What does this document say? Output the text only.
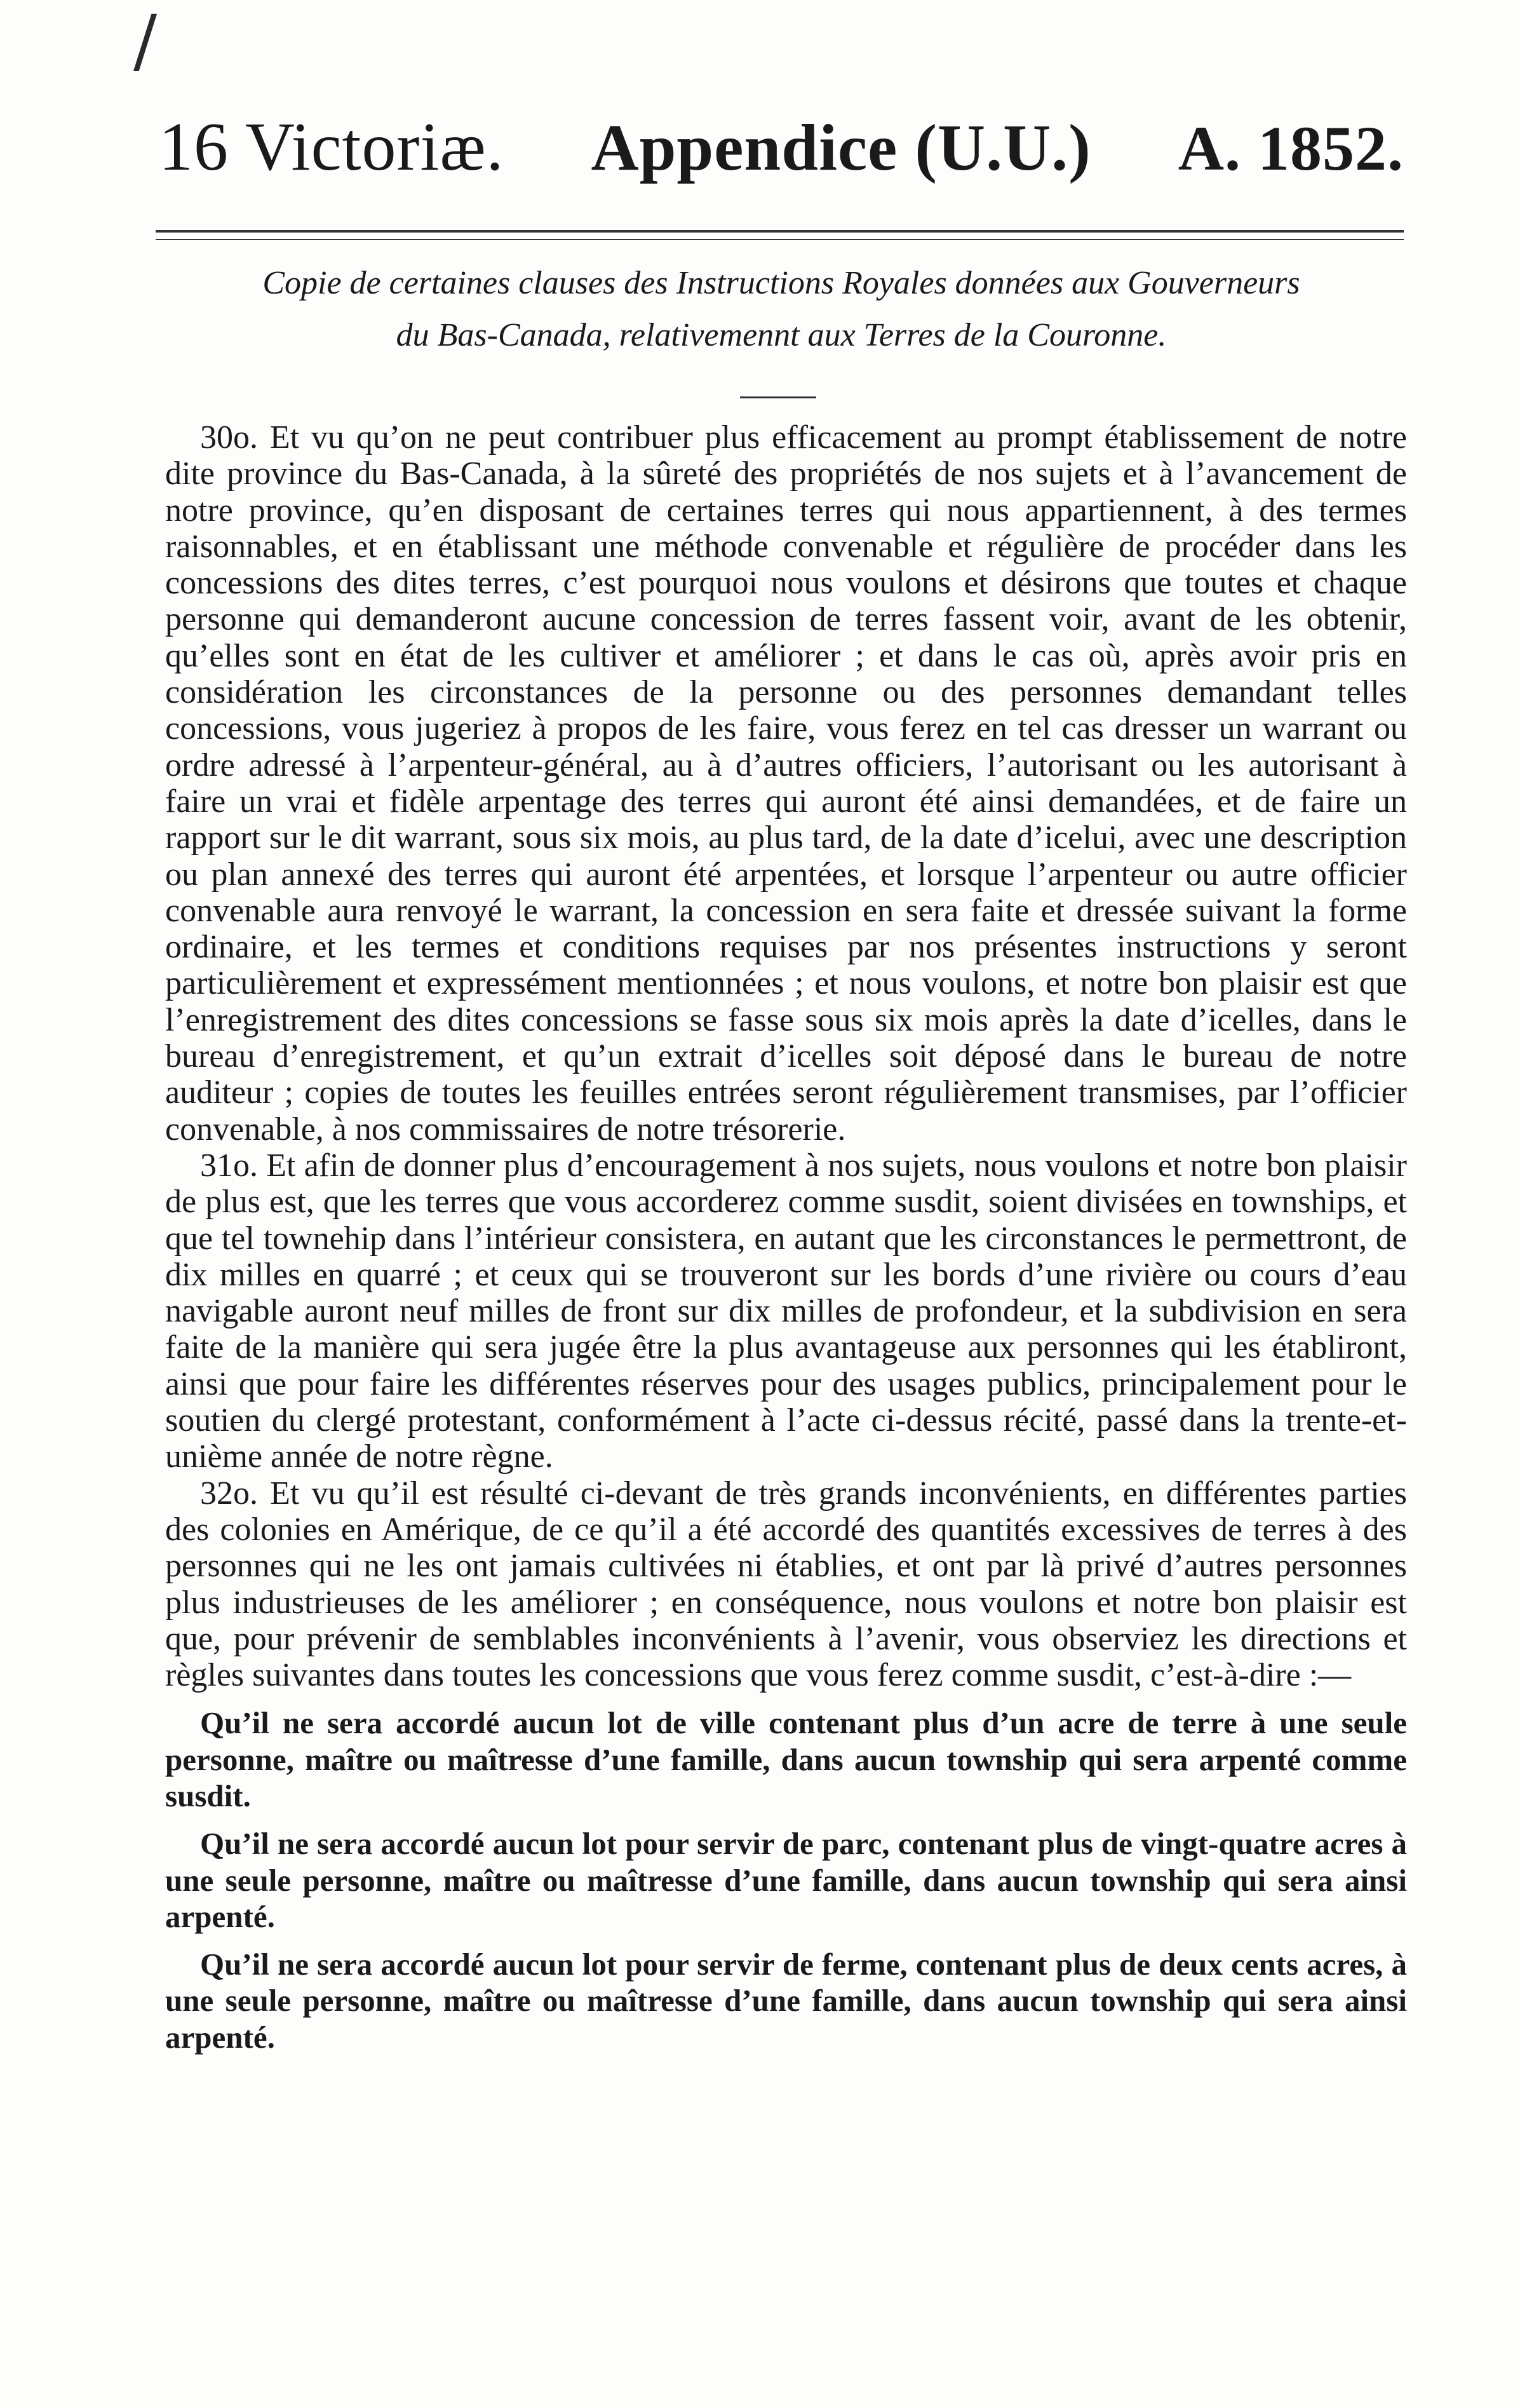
/
16 Victoriæ. Appendice (U.U.) A. 1852.
Copie de certaines clauses des Instructions Royales données aux Gouverneurs
du Bas-Canada, relativemennt aux Terres de la Couronne.

30o. Et vu qu’on ne peut contribuer plus efficacement au prompt établissement de notre dite province du Bas-Canada, à la sûreté des propriétés de nos sujets et à l’avancement de notre province, qu’en disposant de certaines terres qui nous appartiennent, à des termes raisonnables, et en établissant une méthode convenable et régulière de procéder dans les concessions des dites terres, c’est pourquoi nous voulons et désirons que toutes et chaque personne qui demanderont aucune concession de terres fassent voir, avant de les obtenir, qu’elles sont en état de les cultiver et améliorer ; et dans le cas où, après avoir pris en considération les circonstances de la personne ou des personnes demandant telles concessions, vous jugeriez à propos de les faire, vous ferez en tel cas dresser un warrant ou ordre adressé à l’arpenteur-général, au à d’autres officiers, l’autorisant ou les autorisant à faire un vrai et fidèle arpentage des terres qui auront été ainsi demandées, et de faire un rapport sur le dit warrant, sous six mois, au plus tard, de la date d’icelui, avec une description ou plan annexé des terres qui auront été arpentées, et lorsque l’arpenteur ou autre officier convenable aura renvoyé le warrant, la concession en sera faite et dressée suivant la forme ordinaire, et les termes et conditions requises par nos présentes instructions y seront particulièrement et expressément mentionnées ; et nous voulons, et notre bon plaisir est que l’enregistrement des dites concessions se fasse sous six mois après la date d’icelles, dans le bureau d’enregistrement, et qu’un extrait d’icelles soit déposé dans le bureau de notre auditeur ; copies de toutes les feuilles entrées seront régulièrement transmises, par l’officier convenable, à nos commissaires de notre trésorerie.

31o. Et afin de donner plus d’encouragement à nos sujets, nous voulons et notre bon plaisir de plus est, que les terres que vous accorderez comme susdit, soient divisées en townships, et que tel townehip dans l’intérieur consistera, en autant que les circonstances le permettront, de dix milles en quarré ; et ceux qui se trouveront sur les bords d’une rivière ou cours d’eau navigable auront neuf milles de front sur dix milles de profondeur, et la subdivision en sera faite de la manière qui sera jugée être la plus avantageuse aux personnes qui les établiront, ainsi que pour faire les différentes réserves pour des usages publics, principalement pour le soutien du clergé protestant, conformément à l’acte ci-dessus récité, passé dans la trente-et-unième année de notre règne.

32o. Et vu qu’il est résulté ci-devant de très grands inconvénients, en différentes parties des colonies en Amérique, de ce qu’il a été accordé des quantités excessives de terres à des personnes qui ne les ont jamais cultivées ni établies, et ont par là privé d’autres personnes plus industrieuses de les améliorer ; en conséquence, nous voulons et notre bon plaisir est que, pour prévenir de semblables inconvénients à l’avenir, vous observiez les directions et règles suivantes dans toutes les concessions que vous ferez comme susdit, c’est-à-dire :—

Qu’il ne sera accordé aucun lot de ville contenant plus d’un acre de terre à une seule personne, maître ou maîtresse d’une famille, dans aucun township qui sera arpenté comme susdit.

Qu’il ne sera accordé aucun lot pour servir de parc, contenant plus de vingt-quatre acres à une seule personne, maître ou maîtresse d’une famille, dans aucun township qui sera ainsi arpenté.

Qu’il ne sera accordé aucun lot pour servir de ferme, contenant plus de deux cents acres, à une seule personne, maître ou maîtresse d’une famille, dans aucun township qui sera ainsi arpenté.
